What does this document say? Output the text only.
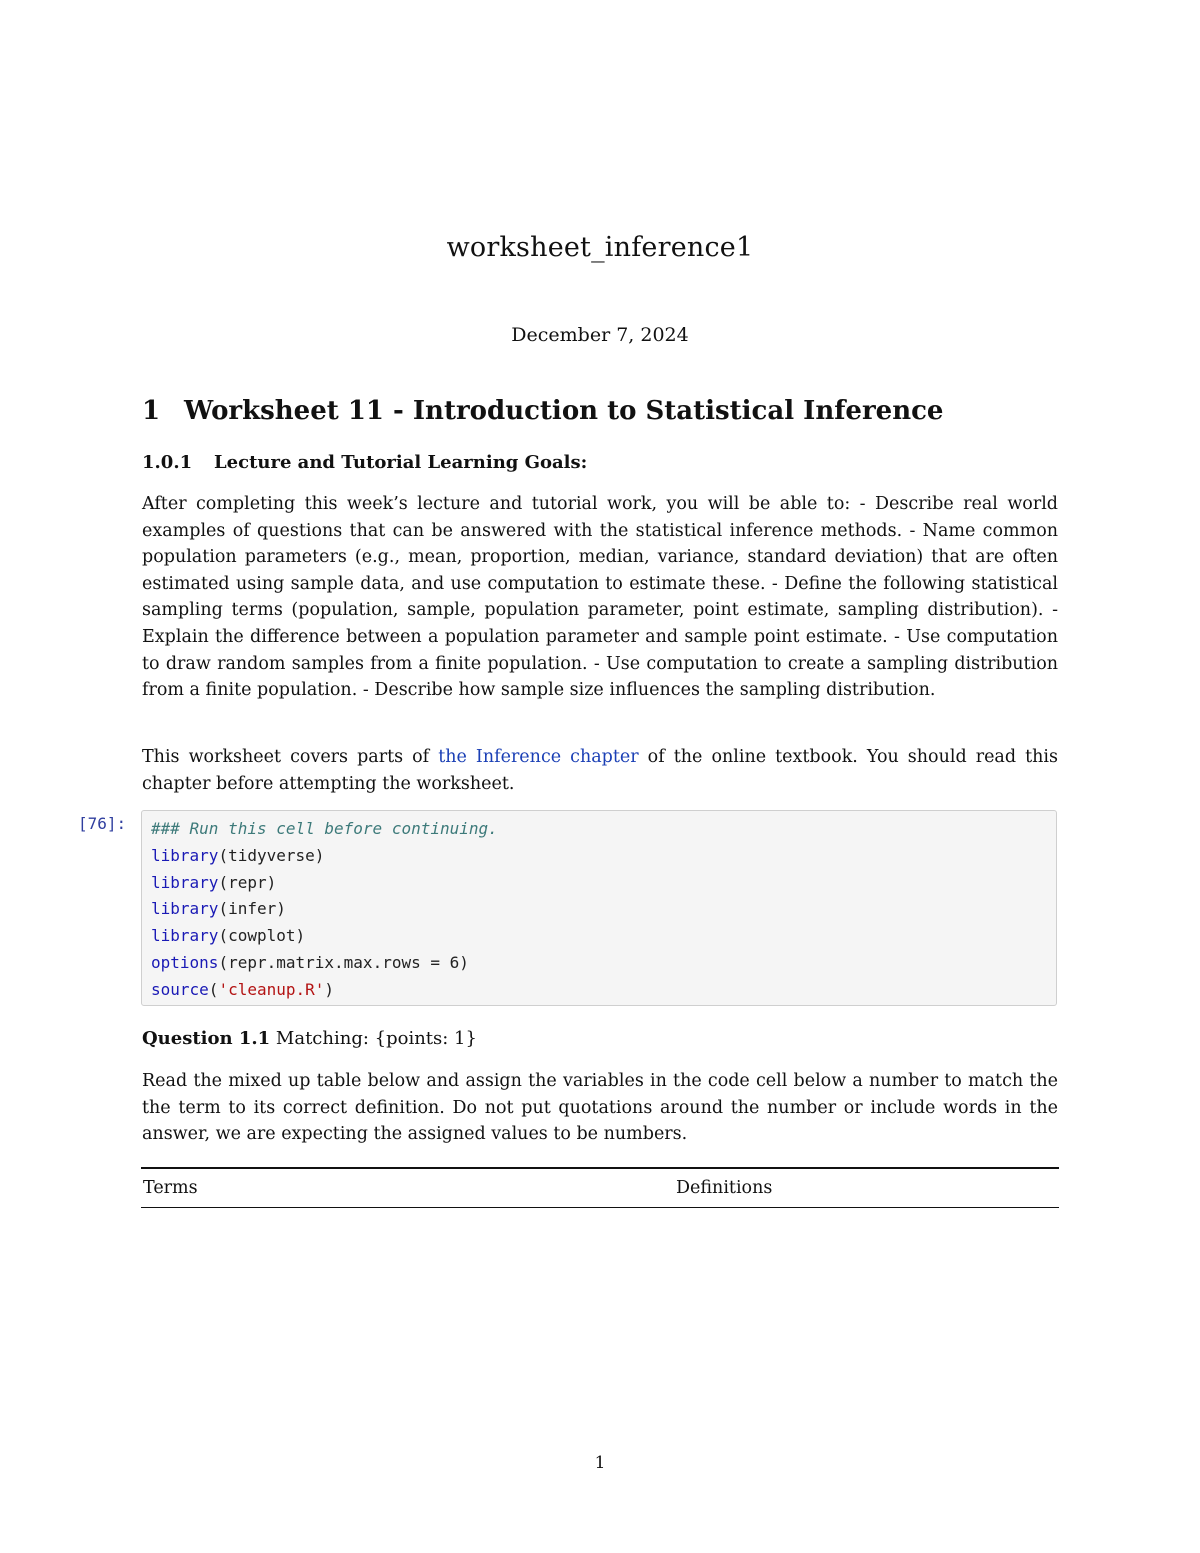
worksheet_inference1
December 7, 2024
1 Worksheet 11 - Introduction to Statistical Inference
1.0.1 Lecture and Tutorial Learning Goals:
After completing this week’s lecture and tutorial work, you will be able to: - Describe real world examples of questions that can be answered with the statistical inference methods. - Name common population parameters (e.g., mean, proportion, median, variance, standard deviation) that are often estimated using sample data, and use computation to estimate these. - Define the following statistical sampling terms (population, sample, population parameter, point estimate, sampling distribution). - Explain the difference between a population parameter and sample point estimate. - Use computation to draw random samples from a finite population. - Use computation to create a sampling distribution from a finite population. - Describe how sample size influences the sampling distribution.
This worksheet covers parts of the Inference chapter of the online textbook. You should read this chapter before attempting the worksheet.
[76]: ### Run this cell before continuing.
library(tidyverse)
library(repr)
library(infer)
library(cowplot)
options(repr.matrix.max.rows = 6)
source('cleanup.R')
Question 1.1 Matching: {points: 1}
Read the mixed up table below and assign the variables in the code cell below a number to match the the term to its correct definition. Do not put quotations around the number or include words in the answer, we are expecting the assigned values to be numbers.
Terms	Definitions
1
